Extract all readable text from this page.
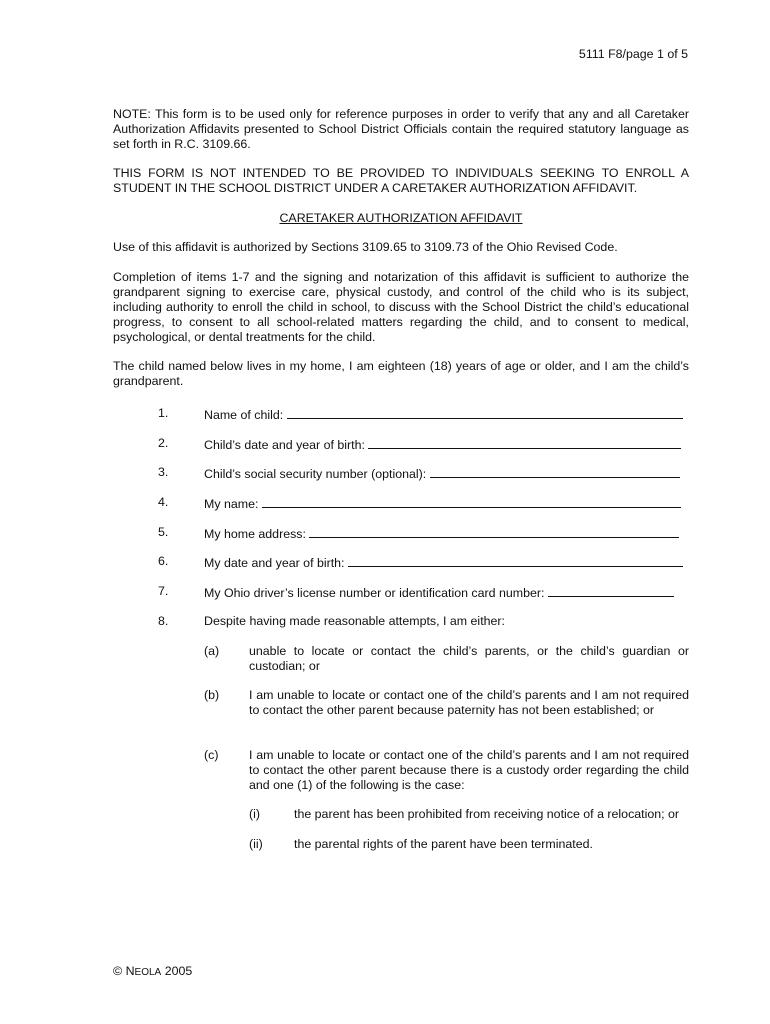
5111 F8/page 1 of 5
NOTE: This form is to be used only for reference purposes in order to verify that any and all Caretaker Authorization Affidavits presented to School District Officials contain the required statutory language as set forth in R.C. 3109.66.
THIS FORM IS NOT INTENDED TO BE PROVIDED TO INDIVIDUALS SEEKING TO ENROLL A STUDENT IN THE SCHOOL DISTRICT UNDER A CARETAKER AUTHORIZATION AFFIDAVIT.
CARETAKER AUTHORIZATION AFFIDAVIT
Use of this affidavit is authorized by Sections 3109.65 to 3109.73 of the Ohio Revised Code.
Completion of items 1-7 and the signing and notarization of this affidavit is sufficient to authorize the grandparent signing to exercise care, physical custody, and control of the child who is its subject, including authority to enroll the child in school, to discuss with the School District the child’s educational progress, to consent to all school-related matters regarding the child, and to consent to medical, psychological, or dental treatments for the child.
The child named below lives in my home, I am eighteen (18) years of age or older, and I am the child’s grandparent.
1.	Name of child:
2.	Child’s date and year of birth:
3.	Child’s social security number (optional):
4.	My name:
5.	My home address:
6.	My date and year of birth:
7.	My Ohio driver’s license number or identification card number:
8.	Despite having made reasonable attempts, I am either:
(a) unable to locate or contact the child’s parents, or the child’s guardian or custodian; or
(b) I am unable to locate or contact one of the child’s parents and I am not required to contact the other parent because paternity has not been established; or
(c) I am unable to locate or contact one of the child’s parents and I am not required to contact the other parent because there is a custody order regarding the child and one (1) of the following is the case:
(i)	the parent has been prohibited from receiving notice of a relocation; or
(ii)	the parental rights of the parent have been terminated.
© NEOLA 2005
